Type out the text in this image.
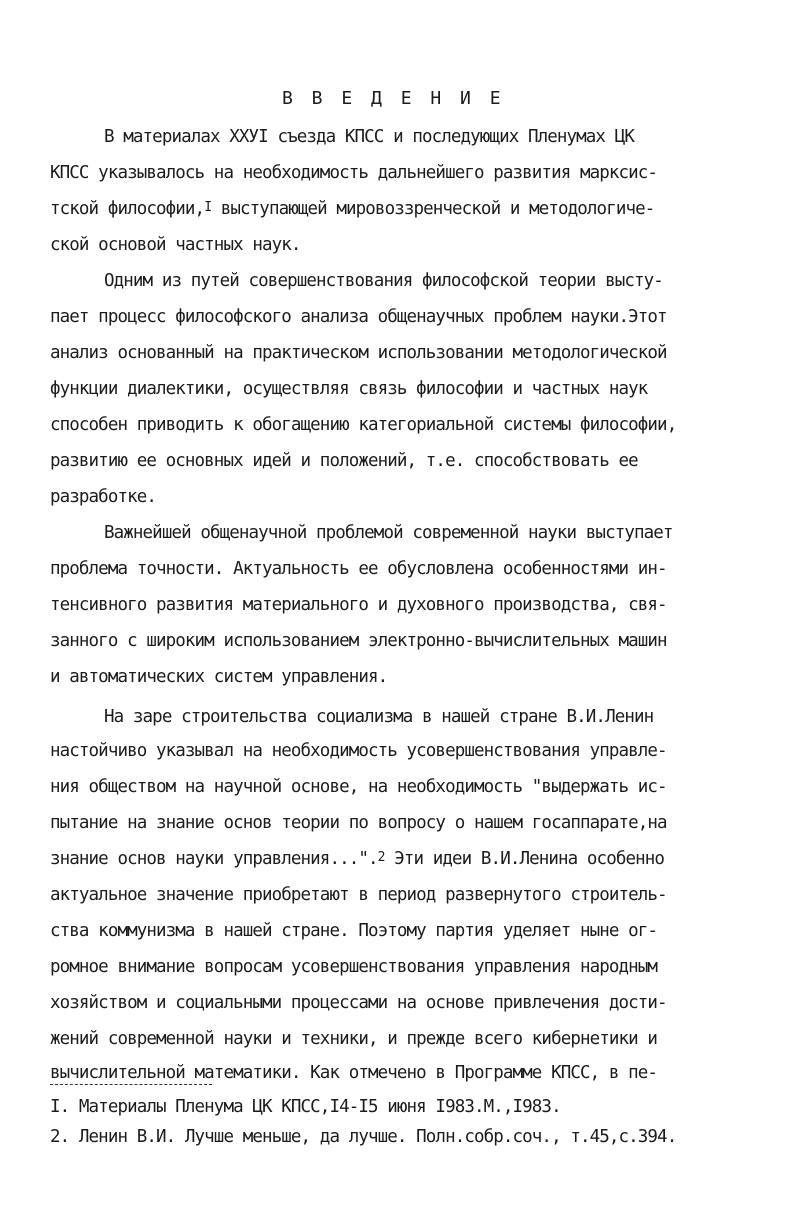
В В Е Д Е Н И Е
В материалах XXУI съезда КПСС и последующих Пленумах ЦК
КПСС указывалось на необходимость дальнейшего развития марксис-
тской философии,$^I$ выступающей мировоззренческой и методологиче-
ской основой частных наук.
Одним из путей совершенствования философской теории выcту-
пает процесс философского анализа общенаучных проблем науки.Этот
анализ основанный на практическом использовании методологической
функции диалектики, осуществляя связь философии и частных наук
способен приводить к обогащению категориальной системы философии,
развитию ее основных идей и положений, т.е. способствовать ее
разработке.
Важнейшей общенаучной проблемой современной науки выступает
проблема точности. Актуальность ее обусловлена особенностями ин-
тенсивного развития материального и духовного производства, свя-
занного с широким использованием электронно-вычислительных машин
и автоматических систем управления.
На заре строительства социализма в нашей стране В.И.Ленин
настойчиво указывал на необходимость усовершенствования управле-
ния обществом на научной основе, на необходимость "выдержать ис-
пытание на знание основ теории по вопросу о нашем госаппарате,на
знание основ науки управления...".$^2$ Эти идеи В.И.Ленина особенно
актуальное значение приобретают в период развернутого строитель-
ства коммунизма в нашей стране. Поэтому партия уделяет ныне ог-
ромное внимание вопросам усовершенствования управления народным
хозяйством и социальными процессами на основе привлечения дости-
жений современной науки и техники, и прежде всего кибернетики и
вычислительной математики. Как отмечено в Программе КПСС, в пе-
I. Материалы Пленума ЦК КПСС,I4-I5 июня I983.М.,I983.
2. Ленин В.И. Лучше меньше, да лучше. Полн.собр.соч., т.45,с.394.
